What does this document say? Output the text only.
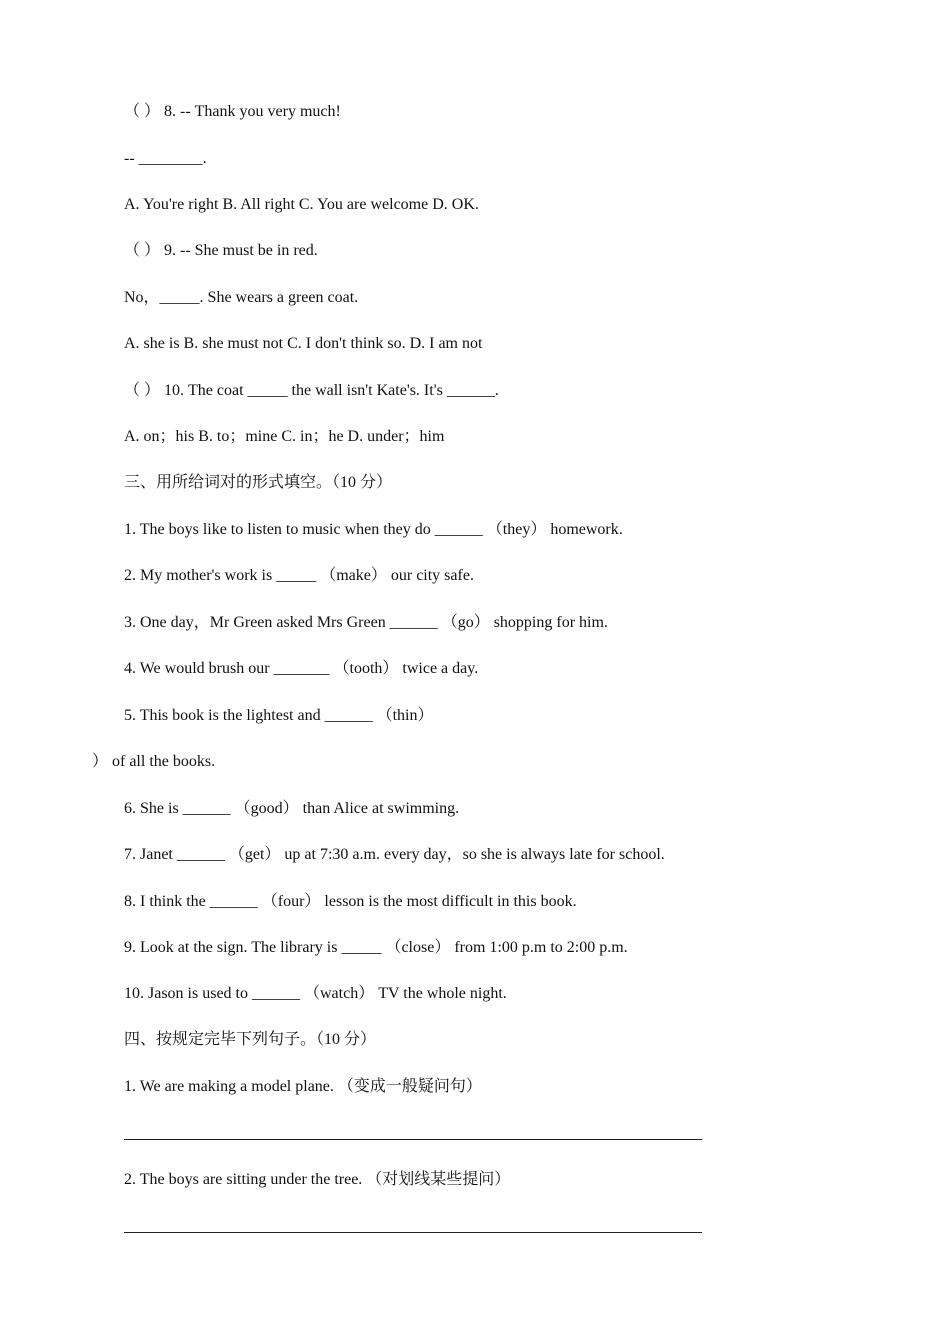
（ ） 8. -- Thank you very much!
-- ________.
A. You're right B. All right C. You are welcome D. OK.
（ ） 9. -- She must be in red.
No，_____. She wears a green coat.
A. she is B. she must not C. I don't think so. D. I am not
（ ） 10. The coat _____ the wall isn't Kate's. It's ______.
A. on；his B. to；mine C. in；he D. under；him
三、用所给词对的形式填空。（10 分）
1. The boys like to listen to music when they do ______ （they） homework.
2. My mother's work is _____ （make） our city safe.
3. One day，Mr Green asked Mrs Green ______ （go） shopping for him.
4. We would brush our _______ （tooth） twice a day.
5. This book is the lightest and ______ （thin）
） of all the books.
6. She is ______ （good） than Alice at swimming.
7. Janet ______ （get） up at 7:30 a.m. every day，so she is always late for school.
8. I think the ______ （four） lesson is the most difficult in this book.
9. Look at the sign. The library is _____ （close） from 1:00 p.m to 2:00 p.m.
10. Jason is used to ______ （watch） TV the whole night.
四、按规定完毕下列句子。（10 分）
1. We are making a model plane. （变成一般疑问句）
2. The boys are sitting under the tree. （对划线某些提问）
